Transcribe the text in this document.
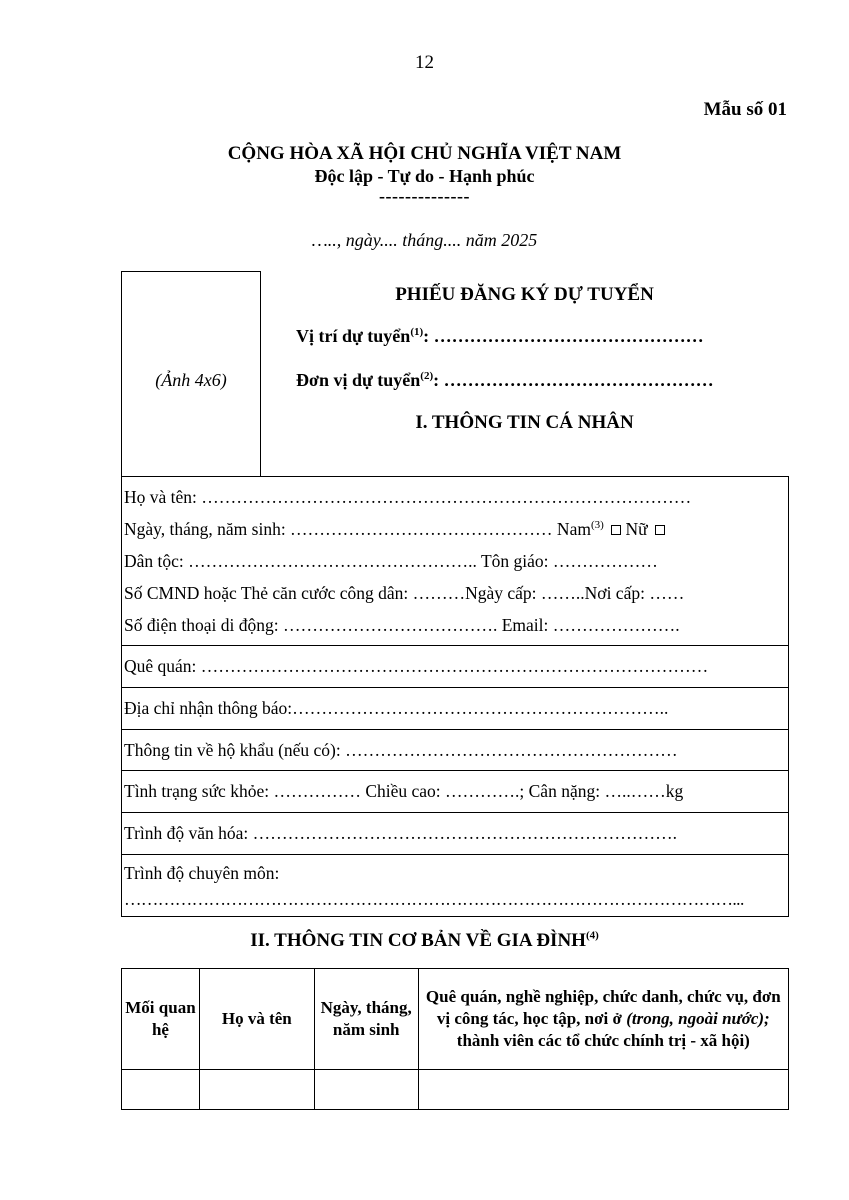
12
Mẫu số 01
CỘNG HÒA XÃ HỘI CHỦ NGHĨA VIỆT NAM
Độc lập - Tự do - Hạnh phúc
--------------
….., ngày.... tháng.... năm 2025
(Ảnh 4x6)
PHIẾU ĐĂNG KÝ DỰ TUYỂN
Vị trí dự tuyển$^{(1)}$: ………………………………………
Đơn vị dự tuyển$^{(2)}$: ………………………………………
I. THÔNG TIN CÁ NHÂN
Họ và tên: …………………………………………………………………………
Ngày, tháng, năm sinh: ……………………………………… Nam$^{(3)}$ Nữ
Dân tộc: ………………………………………….. Tôn giáo: ………………
Số CMND hoặc Thẻ căn cước công dân: ………Ngày cấp: ……..Nơi cấp: ……
Số điện thoại di động: ………………………………. Email: ………………….
Quê quán: ……………………………………………………………………………
Địa chỉ nhận thông báo:………………………………………………………..
Thông tin về hộ khẩu (nếu có): …………………………………………………
Tình trạng sức khỏe: …………… Chiều cao: ………….; Cân nặng: …..……kg
Trình độ văn hóa: ……………………………………………………………….
Trình độ chuyên môn:
………………………………………………………………………………………………...
II. THÔNG TIN CƠ BẢN VỀ GIA ĐÌNH$^{(4)}$
Mối quan hệ	Họ và tên	Ngày, tháng, năm sinh	Quê quán, nghề nghiệp, chức danh, chức vụ, đơn vị công tác, học tập, nơi ở (trong, ngoài nước); thành viên các tổ chức chính trị - xã hội)
